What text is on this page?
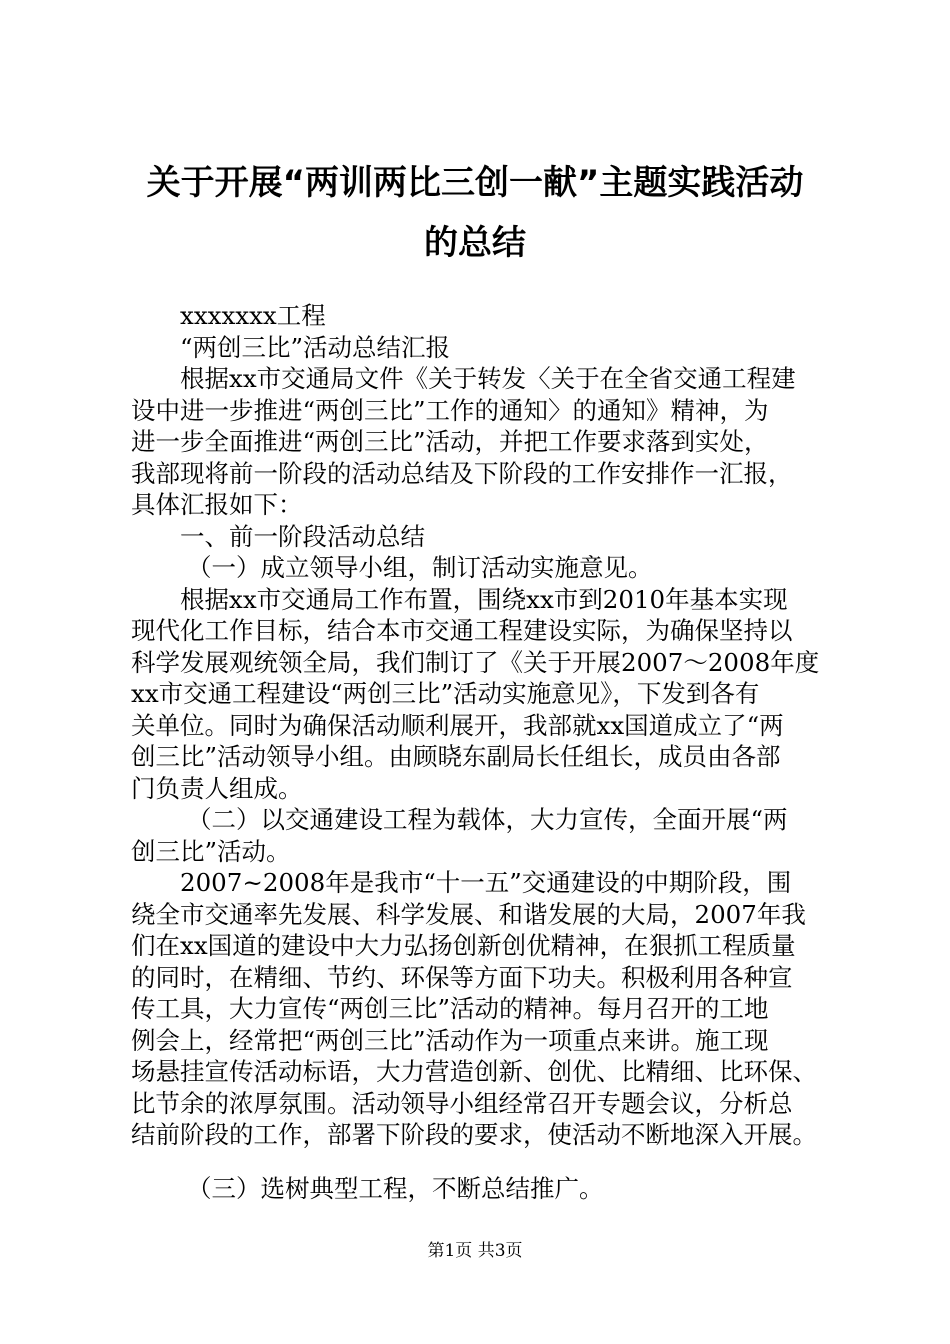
关于开展“两训两比三创一献”主题实践活动
的总结
xxxxxxx工程
“两创三比”活动总结汇报
根据xx市交通局文件《关于转发〈关于在全省交通工程建
设中进一步推进“两创三比”工作的通知〉的通知》精神，为
进一步全面推进“两创三比”活动，并把工作要求落到实处，
我部现将前一阶段的活动总结及下阶段的工作安排作一汇报，
具体汇报如下：
一、前一阶段活动总结
（一）成立领导小组，制订活动实施意见。
根据xx市交通局工作布置，围绕xx市到2010年基本实现
现代化工作目标，结合本市交通工程建设实际，为确保坚持以
科学发展观统领全局，我们制订了《关于开展2007～2008年度
xx市交通工程建设“两创三比”活动实施意见》，下发到各有
关单位。同时为确保活动顺利展开，我部就xx国道成立了“两
创三比”活动领导小组。由顾晓东副局长任组长，成员由各部
门负责人组成。
（二）以交通建设工程为载体，大力宣传，全面开展“两
创三比”活动。
2007~2008年是我市“十一五”交通建设的中期阶段，围
绕全市交通率先发展、科学发展、和谐发展的大局，2007年我
们在xx国道的建设中大力弘扬创新创优精神，在狠抓工程质量
的同时，在精细、节约、环保等方面下功夫。积极利用各种宣
传工具，大力宣传“两创三比”活动的精神。每月召开的工地
例会上，经常把“两创三比”活动作为一项重点来讲。施工现
场悬挂宣传活动标语，大力营造创新、创优、比精细、比环保、
比节余的浓厚氛围。活动领导小组经常召开专题会议，分析总
结前阶段的工作，部署下阶段的要求，使活动不断地深入开展。
（三）选树典型工程，不断总结推广。
第1页 共3页
